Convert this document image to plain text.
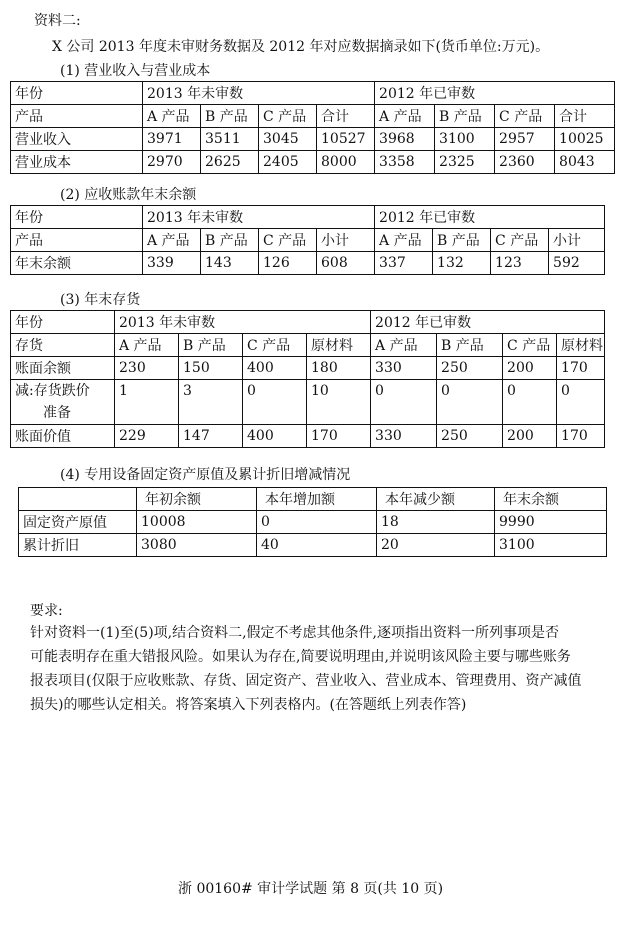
资料二:
X 公司 2013 年度未审财务数据及 2012 年对应数据摘录如下(货币单位:万元)。
(1) 营业收入与营业成本
年份	2013 年未审数				2012 年已审数			
产品	A 产品	B 产品	C 产品	合计	A 产品	B 产品	C 产品	合计
营业收入	3971	3511	3045	10527	3968	3100	2957	10025
营业成本	2970	2625	2405	8000	3358	2325	2360	8043
(2) 应收账款年末余额
年份	2013 年未审数				2012 年已审数			
产品	A 产品	B 产品	C 产品	小计	A 产品	B 产品	C 产品	小计
年末余额	339	143	126	608	337	132	123	592
(3) 年末存货
年份	2013 年未审数				2012 年已审数			
存货	A 产品	B 产品	C 产品	原材料	A 产品	B 产品	C 产品	原材料
账面余额	230	150	400	180	330	250	200	170

减:存货跌价
准备	1	3	0	10	0	0	0	0
账面价值	229	147	400	170	330	250	200	170
(4) 专用设备固定资产原值及累计折旧增减情况
	年初余额	本年增加额	本年减少额	年末余额
固定资产原值	10008	0	18	9990
累计折旧	3080	40	20	3100
要求:
针对资料一(1)至(5)项,结合资料二,假定不考虑其他条件,逐项指出资料一所列事项是否
可能表明存在重大错报风险。如果认为存在,简要说明理由,并说明该风险主要与哪些账务
报表项目(仅限于应收账款、存货、固定资产、营业收入、营业成本、管理费用、资产减值
损失)的哪些认定相关。将答案填入下列表格内。(在答题纸上列表作答)
浙 00160# 审计学试题 第 8 页(共 10 页)
